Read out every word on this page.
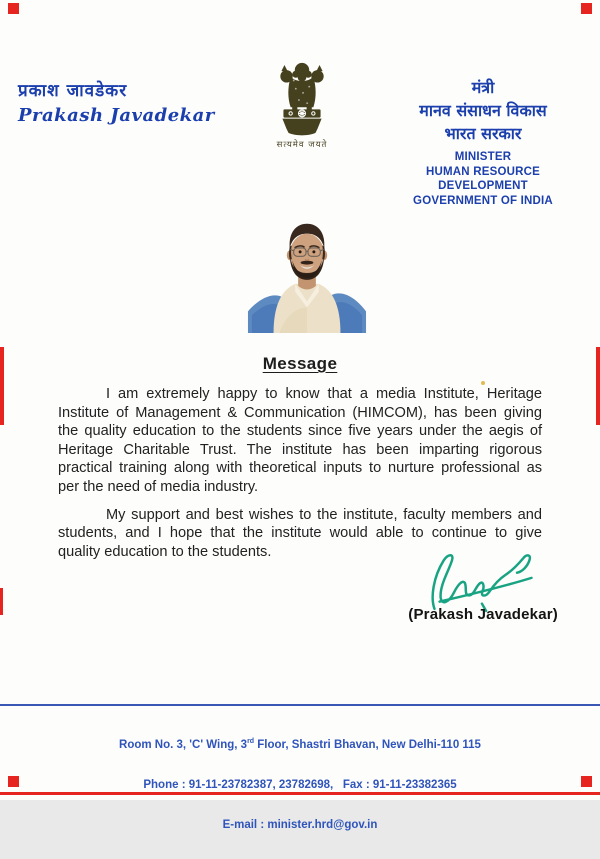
प्रकाश जावडेकर
Prakash Javadekar
सत्यमेव जयते
मंत्री
मानव संसाधन विकास
भारत सरकार
MINISTER
HUMAN RESOURCE DEVELOPMENT
GOVERNMENT OF INDIA
Message
I am extremely happy to know that a media Institute, Heritage
Institute of Management & Communication (HIMCOM), has been giving
the quality education to the students since five years under the aegis of
Heritage Charitable Trust. The institute has been imparting rigorous
practical training along with theoretical inputs to nurture professional as
per the need of media industry.
My support and best wishes to the institute, faculty members and
students, and I hope that the institute would able to continue to give
quality education to the students.
(Prakash Javadekar)

Room No. 3, 'C' Wing, 3rd Floor, Shastri Bhavan, New Delhi-110 115

Phone : 91-11-23782387, 23782698,   Fax : 91-11-23382365

E-mail : minister.hrd@gov.in
